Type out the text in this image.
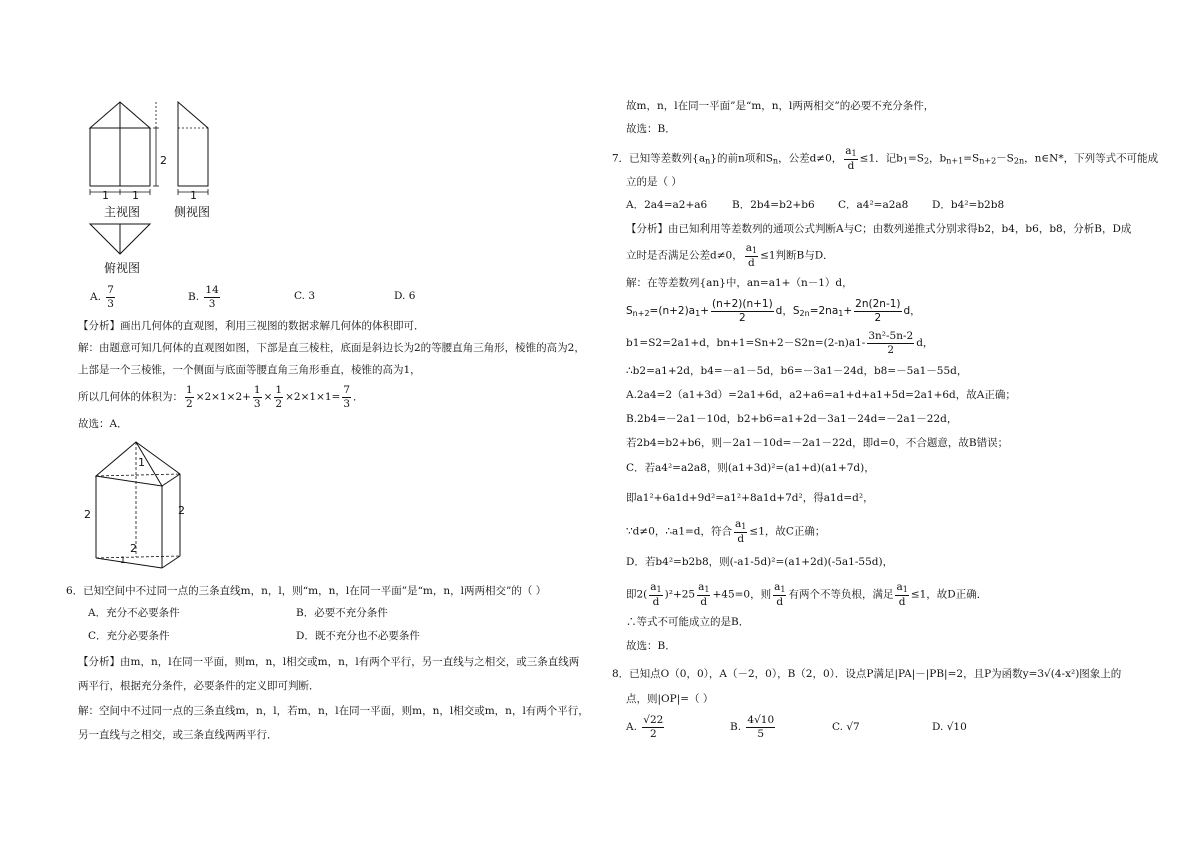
1 1	1
2
主视图	侧视图
俯视图
A. $\frac{7}{3}$	B. $\frac{14}{3}$	C. 3	D. 6
【分析】画出几何体的直观图，利用三视图的数据求解几何体的体积即可．
解：由题意可知几何体的直观图如图，下部是直三棱柱，底面是斜边长为2的等腰直角三角形，棱锥的高为2，
上部是一个三棱锥，一个侧面与底面等腰直角三角形垂直，棱锥的高为1，
所以几何体的体积为： $\frac{1}{2} \times 2\times 1\times 2+ \frac{1}{3} \times \frac{1}{2} \times 2\times 1\times 1= \frac{7}{3}$ ．
故选：A．
1
2	2
2
1
6．已知空间中不过同一点的三条直线m，n，l，则“m，n，l在同一平面”是“m，n，l两两相交”的（ ）
A．充分不必要条件	B．必要不充分条件
C．充分必要条件	D．既不充分也不必要条件
【分析】由m，n，l在同一平面，则m，n，l相交或m，n，l有两个平行，另一直线与之相交，或三条直线两
两平行，根据充分条件，必要条件的定义即可判断．
解：空间中不过同一点的三条直线m，n，l，若m，n，l在同一平面，则m，n，l相交或m，n，l有两个平行，
另一直线与之相交，或三条直线两两平行．
故m，n，l在同一平面”是“m，n，l两两相交”的必要不充分条件，
故选：B．
7．已知等差数列$\{a_n\}$的前n项和$S_n$，公差d≠0， $\frac{a_1}{d} \le 1$．记$b_1=S_2$，$b_{n+1}=S_{n+2}-S_{2n}$，n∈N*，下列等式不可能成
立的是（ ）
A．2a4=a2+a6 B．2b4=b2+b6 C．a4²=a2a8 D．b4²=b2b8
【分析】由已知利用等差数列的通项公式判断A与C；由数列递推式分别求得b2，b4，b6，b8，分析B，D成
立时是否满足公差d≠0， $\frac{a_1}{d} \le 1$判断B与D．
解：在等差数列{an}中，an=a1+（n－1）d，
$S_{n+2}=(n+2)a_1+ \frac{(n+2)(n+1)}{2}$ d，$S_{2n}=2na_1+ \frac{2n(2n-1)}{2}$ d，
b1=S2=2a1+d，$bn+1=Sn+2-S2n=(2-n)a1- \frac{\text{3n²-5n-2}}{2}$ d，
∴b2=a1+2d，b4=－a1－5d，b6=－3a1－24d，b8=－5a1－55d，
A.2a4=2（a1+3d）=2a1+6d，a2+a6=a1+d+a1+5d=2a1+6d，故A正确；
B.2b4=－2a1－10d，b2+b6=a1+2d－3a1－24d=－2a1－22d，
若2b4=b2+b6，则－2a1－10d=－2a1－22d，即d=0，不合题意，故B错误；
C．若a4²=a2a8，则(a1+3d)²=(a1+d)(a1+7d)，
即a1²+6a1d+9d²=a1²+8a1d+7d²，得a1d=d²，
∵d≠0，∴a1=d，符合 $\frac{a_1}{d} \le 1$，故C正确；
D．若b4²=b2b8，则(-a1-5d)²=(a1+2d)(-5a1-55d)，
即$2( \frac{a_1}{d} )^2+25 \frac{a_1}{d} +45=0$，则 $\frac{a_1}{d}$ 有两个不等负根，满足 $\frac{a_1}{d} \le 1$，故D正确．
∴等式不可能成立的是B．
故选：B．
8．已知点O（0，0），A（－2，0），B（2，0）．设点P满足|PA|－|PB|=2，且P为函数y=3√(4-x²)图象上的
点，则|OP|=（ ）
A. $\frac{√22}{2}$	B. $\frac{4√10}{5}$	C. √7	D. √10
